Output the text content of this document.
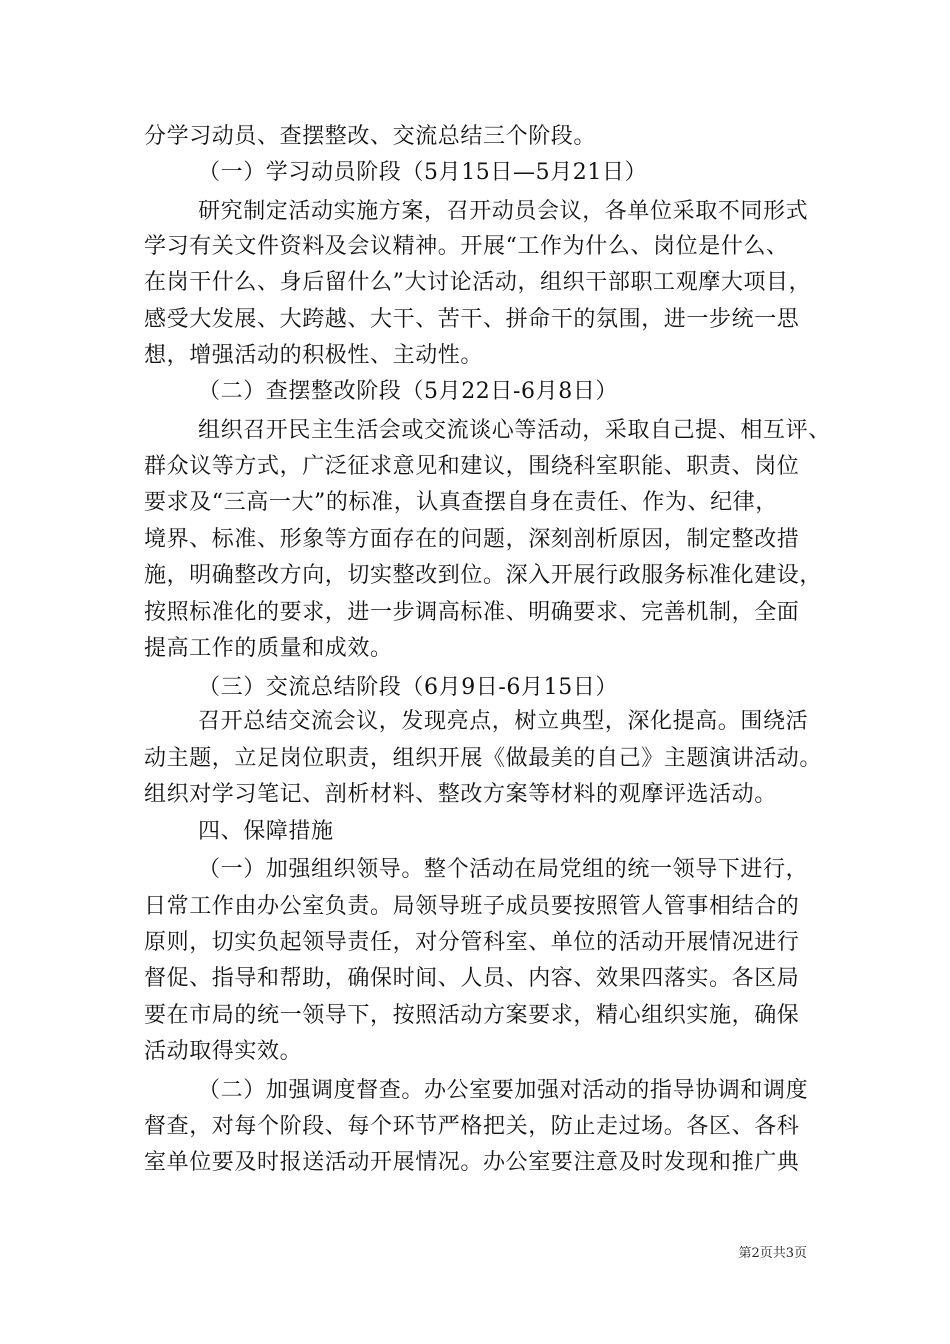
分学习动员、查摆整改、交流总结三个阶段。
（一）学习动员阶段（5月15日—5月21日）
研究制定活动实施方案，召开动员会议，各单位采取不同形式
学习有关文件资料及会议精神。开展“工作为什么、岗位是什么、
在岗干什么、身后留什么”大讨论活动，组织干部职工观摩大项目，
感受大发展、大跨越、大干、苦干、拼命干的氛围，进一步统一思
想，增强活动的积极性、主动性。
（二）查摆整改阶段（5月22日-6月8日）
组织召开民主生活会或交流谈心等活动，采取自己提、相互评、
群众议等方式，广泛征求意见和建议，围绕科室职能、职责、岗位
要求及“三高一大”的标准，认真查摆自身在责任、作为、纪律，
境界、标准、形象等方面存在的问题，深刻剖析原因，制定整改措
施，明确整改方向，切实整改到位。深入开展行政服务标准化建设，
按照标准化的要求，进一步调高标准、明确要求、完善机制，全面
提高工作的质量和成效。
（三）交流总结阶段（6月9日-6月15日）
召开总结交流会议，发现亮点，树立典型，深化提高。围绕活
动主题，立足岗位职责，组织开展《做最美的自己》主题演讲活动。
组织对学习笔记、剖析材料、整改方案等材料的观摩评选活动。
四、保障措施
（一）加强组织领导。整个活动在局党组的统一领导下进行，
日常工作由办公室负责。局领导班子成员要按照管人管事相结合的
原则，切实负起领导责任，对分管科室、单位的活动开展情况进行
督促、指导和帮助，确保时间、人员、内容、效果四落实。各区局
要在市局的统一领导下，按照活动方案要求，精心组织实施，确保
活动取得实效。
（二）加强调度督查。办公室要加强对活动的指导协调和调度
督查，对每个阶段、每个环节严格把关，防止走过场。各区、各科
室单位要及时报送活动开展情况。办公室要注意及时发现和推广典
第2页共3页
